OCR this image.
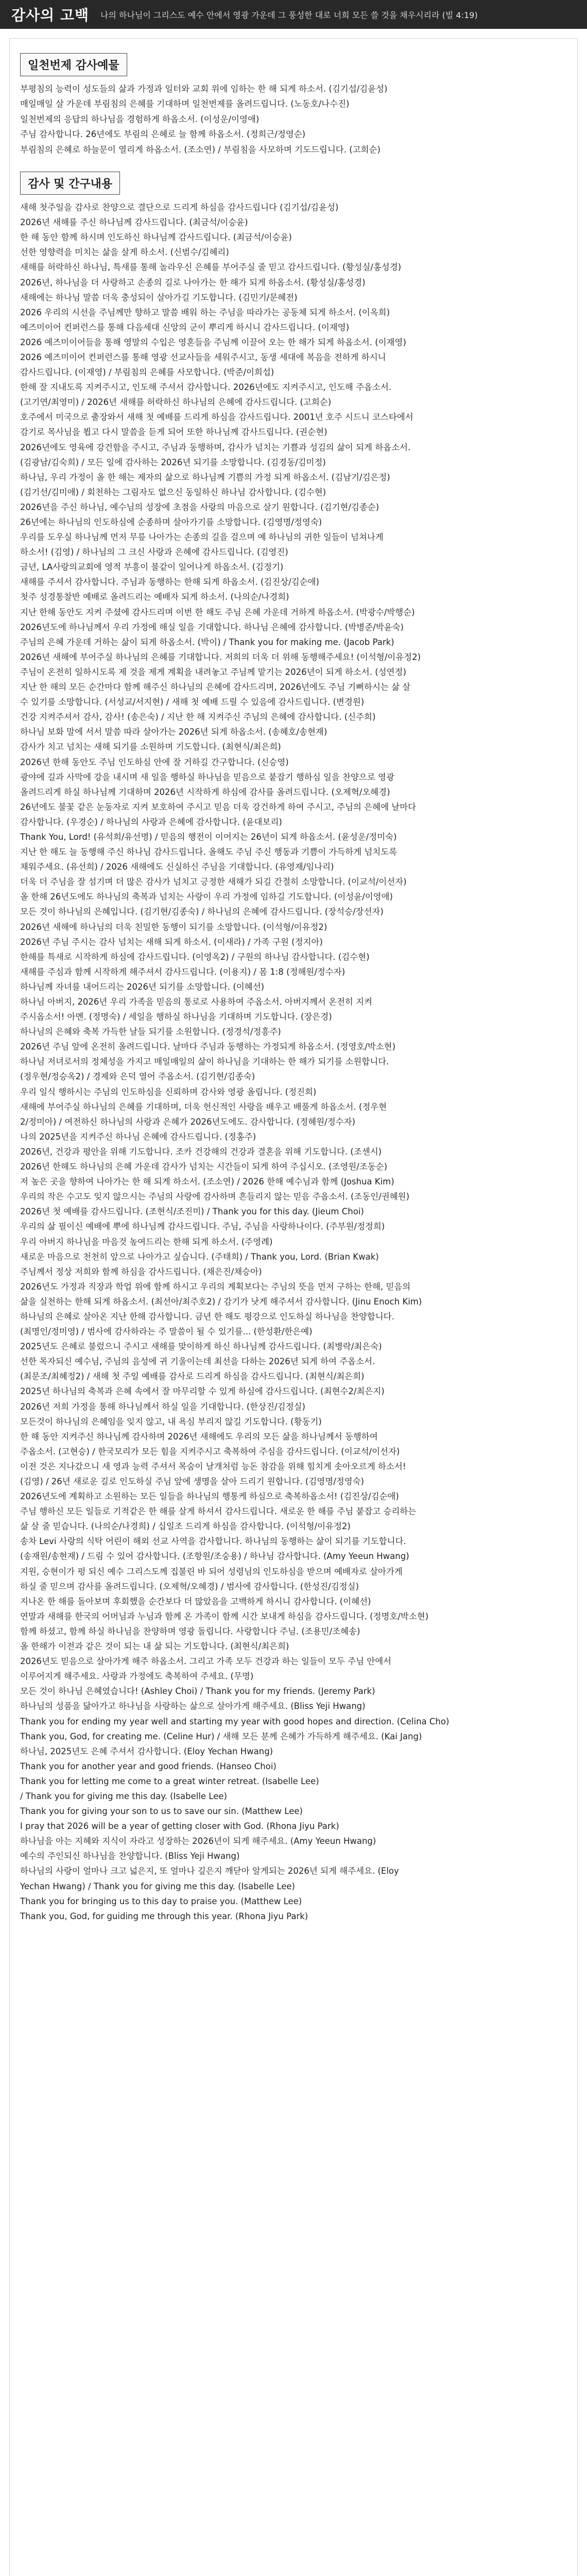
감사의 고백 나의 하나님이 그리스도 예수 안에서 영광 가운데 그 풍성한 대로 너희 모든 쓸 것을 채우시리라 (빌 4:19)
일천번제 감사예물
부평침의 능력이 성도들의 삶과 가정과 일터와 교회 위에 임하는 한 해 되게 하소서. (김기섭/김윤성)
매일매일 살 가운데 부림침의 은혜를 기대하며 일천번제를 올려드립니다. (노동호/나수진)
일천번제의 응답의 하나님을 경험하게 하옵소서. (이성운/이영애)
주님 감사합니다. 26년에도 부림의 은혜로 늘 함께 하옵소서. (정희근/정영순)
부림침의 은혜로 하늘문이 열리게 하옵소서. (조소연) / 부림침을 사모하며 기도드립니다. (고희순)
감사 및 간구내용
새해 첫주일을 감사로 찬양으로 결단으로 드리게 하심을 감사드립니다 (김기섭/김윤성)
2026년 새해를 주신 하나님께 감사드립니다. (최금석/이승윤)
한 해 동안 함께 하시며 인도하신 하나님께 감사드립니다. (최금석/이승윤)
선한 영향력을 미치는 삶을 살게 하소서. (신범수/김혜리)
새해를 허락하신 하나님, 특새를 통해 놀라우신 은혜를 부어주실 줄 믿고 감사드립니다. (황성실/홍성경)
2026년, 하나님을 더 사랑하고 손종의 길로 나아가는 한 해가 되게 하옵소서. (황성실/홍성경)
새해에는 하나님 말씀 더욱 충성되이 살아가길 기도합니다. (김민기/문혜전)
2026 우리의 시선을 주님께만 향하고 말씀 배워 하는 주님을 따라가는 공동체 되게 하소서. (이옥희)
예즈미이어 컨퍼런스를 통해 다음세대 신앙의 군이 뿌리게 하시니 감사드립니다. (이재영)
2026 예즈미이어들을 통해 영말의 수입은 영혼들을 주님께 이끌어 오는 한 해가 되게 하옵소서. (이재영)
2026 예즈미이어 컨퍼런스를 통해 영광 선교사들을 세워주시고, 동생 세대에 복음을 전하게 하시니
감사드립니다. (이재영) / 부림침의 은혜를 사모합니다. (박준/이희섭)
한해 잘 지내도록 지켜주시고, 인도해 주셔서 감사합니다. 2026년에도 지켜주시고, 인도해 주옵소서.
(고기연/최영미) / 2026년 새해를 허락하신 하나님의 은혜에 감사드립니다. (고희순)
호주에서 미국으로 출장와서 새해 첫 예배를 드리게 하심을 감사드립니다. 2001년 호주 시드니 코스타에서
감기로 목사님을 뵙고 다시 말씀을 듣게 되어 또한 하나님께 감사드립니다. (권순현)
2026년에도 영육에 강건함을 주시고, 주님과 동행하며, 감사가 넘치는 기쁨과 성김의 삶이 되게 하옵소서.
(김광남/김숙희) / 모든 일에 감사하는 2026년 되기를 소망합니다. (김경동/김미정)
하나님, 우리 가정이 올 한 해는 제자의 삶으로 하나님께 기쁨의 가정 되게 하옵소서. (김남기/김은정)
(김기선/김미애) / 회천하는 그림자도 없으신 동일하신 하나님 감사합니다. (김수현)
2026년을 주신 하나님, 예수님의 성장에 초점을 사랑의 마음으로 살기 원합니다. (김기현/김종순)
26년에는 하나님의 인도하심에 순종하며 살아가기를 소망합니다. (김영명/정영숙)
우리를 도우실 하나님께 먼저 무릎 나아가는 손종의 길을 걸으며 예 하나님의 귀한 일들이 넘쳐나게
하소서! (김영) / 하나님의 그 크신 사랑과 은혜에 감사드립니다. (김영진)
금년, LA사랑의교회에 영적 부흥이 불같이 일어나게 하옵소서. (김정기)
새해를 주셔서 감사합니다. 주님과 동행하는 한해 되게 하옵소서. (김진상/김순애)
첫주 성경통찰반 예배로 올려드리는 예배자 되게 하소서. (나의순/나경희)
지난 한해 동안도 지켜 주셨에 감사드리며 이번 한 해도 주님 은혜 가운데 거하게 하옵소서. (박광수/박행순)
2026년도에 하나님께서 우리 가정에 해실 일을 기대합니다. 하나님 은혜에 감사합니다. (박병준/박윤숙)
주님의 은혜 가운데 거하는 삶이 되게 하옵소서. (박이) / Thank you for making me. (Jacob Park)
2026년 새해에 부어주실 하나님의 은혜를 기대합니다. 저희의 더욱 더 위해 동행해주세요! (이석형/이유정2)
주님이 온전히 일하시도록 제 것을 제게 계획을 내려놓고 주님께 맡기는 2026년이 되게 하소서. (성연정)
지난 한 해의 모든 순간마다 함께 해주신 하나님의 은혜에 감사드리며, 2026년에도 주님 기뻐하시는 삶 살
수 있기를 소망합니다. (서성교/서지현) / 새해 첫 예배 드릴 수 있음에 감사드립니다. (변경원)
건강 지켜주셔서 감사, 감사! (송은숙) / 지난 한 해 지켜주신 주님의 은혜에 감사합니다. (신주희)
하나님 보화 말에 서서 말씀 따라 살아가는 2026년 되게 하옵소서. (송혜호/송현재)
감사가 치고 넘치는 새해 되기를 소원하며 기도합니다. (최현식/최은희)
2026년 한해 동안도 주님 인도하심 안에 잘 거하길 간구합니다. (신승영)
광야에 길과 사막에 강을 내시며 새 일을 행하실 하나님을 믿음으로 붙잡기 행하심 일을 찬양으로 영광
올려드리게 하실 하나님께 기대하며 2026년 시작하게 하심에 감사를 올려드립니다. (오제혁/오혜경)
26년에도 불꽃 같은 눈동자로 지켜 보호하여 주시고 믿음 더욱 강건하게 하여 주시고, 주님의 은혜에 날마다
감사합니다. (우경순) / 하나님의 사랑과 은혜에 감사합니다. (윤대보리)
Thank You, Lord! (유석희/유선명) / 믿음의 행전이 이어지는 26년이 되게 하옵소서. (윤성운/정미숙)
지난 한 해도 늘 동행해 주신 하나님 감사드립니다. 올해도 주님 주신 행동과 기쁨이 가득하게 넘치도록
채워주세요. (유선희) / 2026 새해에도 신실하신 주님을 기대합니다. (유영재/임나리)
더욱 더 주님을 잘 섬기며 더 많은 감사가 넘치고 긍정한 새해가 되길 간절히 소망합니다. (이교석/이선자)
올 한해 26년도에도 하나님의 축복과 넘치는 사랑이 우리 가정에 임하길 기도합니다. (이성윤/이영애)
모든 것이 하나님의 은혜입니다. (김기현/김종숙) / 하나님의 은혜에 감사드립니다. (장석승/장선자)
2026년 새해에 하나님의 더욱 친밀한 동행이 되기를 소망합니다. (이석형/이유정2)
2026년 주님 주시는 감사 넘치는 새해 되게 하소서. (이새라) / 가족 구원 (정지아)
한해를 특새로 시작하게 하심에 감사드립니다. (이영옥2) / 구원의 하나님 감사합니다. (김수현)
새해를 주심과 함께 시작하게 해주셔서 감사드립니다. (이용지) / 몸 1:8 (정해원/정수자)
하나님께 자녀를 내어드리는 2026년 되기를 소망합니다. (이혜선)
하나님 아버지, 2026년 우리 가족을 믿음의 통로로 사용하여 주옵소서. 아버지께서 온전히 지켜
주시옵소서! 아멘. (정명숙) / 세일을 행하실 하나님을 기대하며 기도합니다. (장은경)
하나님의 은혜와 축복 가득한 날들 되기를 소원합니다. (정경석/정흥주)
2026년 주님 앞에 온전히 올려드립니다. 날마다 주님과 동행하는 가정되게 하옵소서. (정영호/박소현)
하나님 저녀로서의 정체성을 가지고 매일매일의 삶이 하나님을 기대하는 한 해가 되기를 소원합니다.
(정우현/정승옥2) / 경제와 은덕 열어 주옵소서. (김기현/김종숙)
우리 일식 행하시는 주님의 인도하심을 신뢰하며 감사와 영광 올립니다. (정진희)
새해에 부어주실 하나님의 은혜를 기대하며, 더욱 헌신적인 사랑을 배우고 배풀게 하옵소서. (정우현
2/정미아) / 여전하신 하나님의 사랑과 은혜가 2026년도에도. 감사합니다. (정혜원/정수자)
나의 2025년을 지켜주신 하나님 은혜에 감사드립니다. (정홍주)
2026년, 건강과 평안을 위해 기도합니다. 조카 건강해의 건강과 결혼을 위해 기도합니다. (조센시)
2026년 한해도 하나님의 은혜 가운데 감사가 넘치는 시간들이 되게 하여 주십시오. (조영원/조동순)
저 높은 곳을 향하여 나아가는 한 해 되게 하소서. (조소연) / 2026 한해 예수님과 함께 (Joshua Kim)
우리의 작은 수고도 잊지 않으시는 주님의 사랑에 감사하며 흔들리지 않는 믿음 주옵소서. (조동인/권혜원)
2026년 첫 예배를 감사드립니다. (조현식/조진미) / Thank you for this day. (Jieum Choi)
우리의 삶 필이신 예배에 뿌에 하나님께 감사드립니다. 주님, 주님을 사랑하나이다. (주부원/정정희)
우리 아버지 하나님을 마음것 높여드리는 한해 되게 하소서. (주영례)
새로운 마음으로 천천히 앞으로 나아가고 싶습니다. (주태희) / Thank you, Lord. (Brian Kwak)
주님께서 정상 저희와 함께 하심을 감사드립니다. (채은진/채승아)
2026년도 가정과 직장과 학업 위에 함께 하시고 우리의 계획보다는 주님의 뜻을 먼저 구하는 한해, 믿음의
삶을 실천하는 한해 되게 하옵소서. (최선아/최주호2) / 감기가 낫게 해주셔서 감사합니다. (Jinu Enoch Kim)
하나님의 은혜로 살아온 지난 한해 감사합니다. 금년 한 해도 평강으로 인도하실 하나님을 찬양합니다.
(최명인/정미영) / 범사에 감사하라는 주 말씀이 될 수 있기를... (한성환/한은예)
2025년도 은혜로 불렀으니 주시고 새해를 맞이하게 하신 하나님께 감사드립니다. (최병락/최은숙)
선한 목자되신 예수님, 주님의 음성에 귀 기울이는데 최선을 다하는 2026년 되게 하여 주옵소서.
(최문조/최혜정2) / 새해 첫 주일 예배를 감사로 드리게 하심을 감사드립니다. (최현식/최은희)
2025년 하나님의 축복과 은혜 속에서 잘 마무리할 수 있게 하심에 감사드립니다. (최현수2/최은지)
2026년 저희 가정을 통해 하나님께서 하실 일을 기대합니다. (한상진/김정실)
모든것이 하나님의 은혜임을 잊지 않고, 내 욕심 부리지 않길 기도합니다. (황동기)
한 해 동안 지켜주신 하나님께 감사하며 2026년 새해에도 우리의 모든 삶을 하나님께서 동행하여
주옵소서. (고현승) / 한국모리가 모든 힘을 지켜주시고 축복하여 주심을 감사드립니다. (이교석/이선자)
이전 것은 지나갔으니 새 영과 능력 주셔서 목숨이 날개처럼 능돈 참감을 위해 힘치게 솟아오르게 하소서!
(김영) / 26년 새로운 길로 인도하실 주님 앞에 생명을 살아 드리기 원합니다. (김영명/정영숙)
2026년도에 계획하고 소원하는 모든 일들을 하나님의 행통케 하심으로 축복하옵소서! (김진상/김순애)
주님 행하신 모든 일들로 기적같은 한 해를 살게 하셔서 감사드립니다. 새로운 한 해를 주님 붙잡고 승리하는
삶 살 줄 믿습니다. (나의순/나경희) / 십일조 드리게 하심을 감사합니다. (이석형/이유정2)
송차 Levi 사랑의 식탁 어린이 해외 선교 사역을 감사합니다. 하나님의 동행하는 삶이 되기를 기도합니다.
(송재원/송현재) / 드림 수 있어 감사합니다. (조항원/조숭용) / 하나님 감사합니다. (Amy Yeeun Hwang)
지원, 승현이가 펑 되신 예수 그리스도께 집불린 바 되어 성령님의 인도하심을 받으며 예배자로 살아가게
하실 줄 믿으며 감사를 올려드립니다. (오제혁/오혜경) / 범사에 감사합니다. (한성진/김정실)
지나온 한 해를 돌아보며 후회했을 순간보다 더 많았음을 고백하게 하시니 감사합니다. (이혜선)
연말과 새해를 한국의 어머님과 누님과 함께 온 가족이 함께 시간 보내게 하심을 감사드립니다. (정명호/박소현)
함께 하셨고, 함께 하실 하나님을 찬양하며 영광 돌립니다. 사랑합니다 주님. (조용민/조혜송)
올 한해가 이전과 같은 것이 되는 내 삶 되는 기도합니다. (최현식/최은희)
2026년도 믿음으로 살아가게 해주 하옵소서. 그리고 가족 모두 건강과 하는 일들이 모두 주님 안에서
이루어지게 해주세요. 사랑과 가정에도 축복하여 주세요. (무명)
모든 것이 하나님 은혜였습니다! (Ashley Choi) / Thank you for my friends. (Jeremy Park)
하나님의 성품을 닮아가고 하나님을 사랑하는 삶으로 살아가게 해주세요. (Bliss Yeji Hwang)
Thank you for ending my year well and starting my year with good hopes and direction. (Celina Cho)
Thank you, God, for creating me. (Celine Hur) / 새해 모든 분께 은혜가 가득하게 해주세요. (Kai Jang)
하나님, 2025년도 은혜 주셔서 감사합니다. (Eloy Yechan Hwang)
Thank you for another year and good friends. (Hanseo Choi)
Thank you for letting me come to a great winter retreat. (Isabelle Lee)
/ Thank you for giving me this day. (Isabelle Lee)
Thank you for giving your son to us to save our sin. (Matthew Lee)
I pray that 2026 will be a year of getting closer with God. (Rhona Jiyu Park)
하나님을 아는 지혜와 지식이 자라고 성장하는 2026년이 되게 해주세요. (Amy Yeeun Hwang)
예수의 주인되신 하나님을 찬양합니다. (Bliss Yeji Hwang)
하나님의 사랑이 얼마나 크고 넓은지, 또 얼마나 깊은지 깨닫아 알게되는 2026년 되게 해주세요. (Eloy
Yechan Hwang) / Thank you for giving me this day. (Isabelle Lee)
Thank you for bringing us to this day to praise you. (Matthew Lee)
Thank you, God, for guiding me through this year. (Rhona Jiyu Park)
